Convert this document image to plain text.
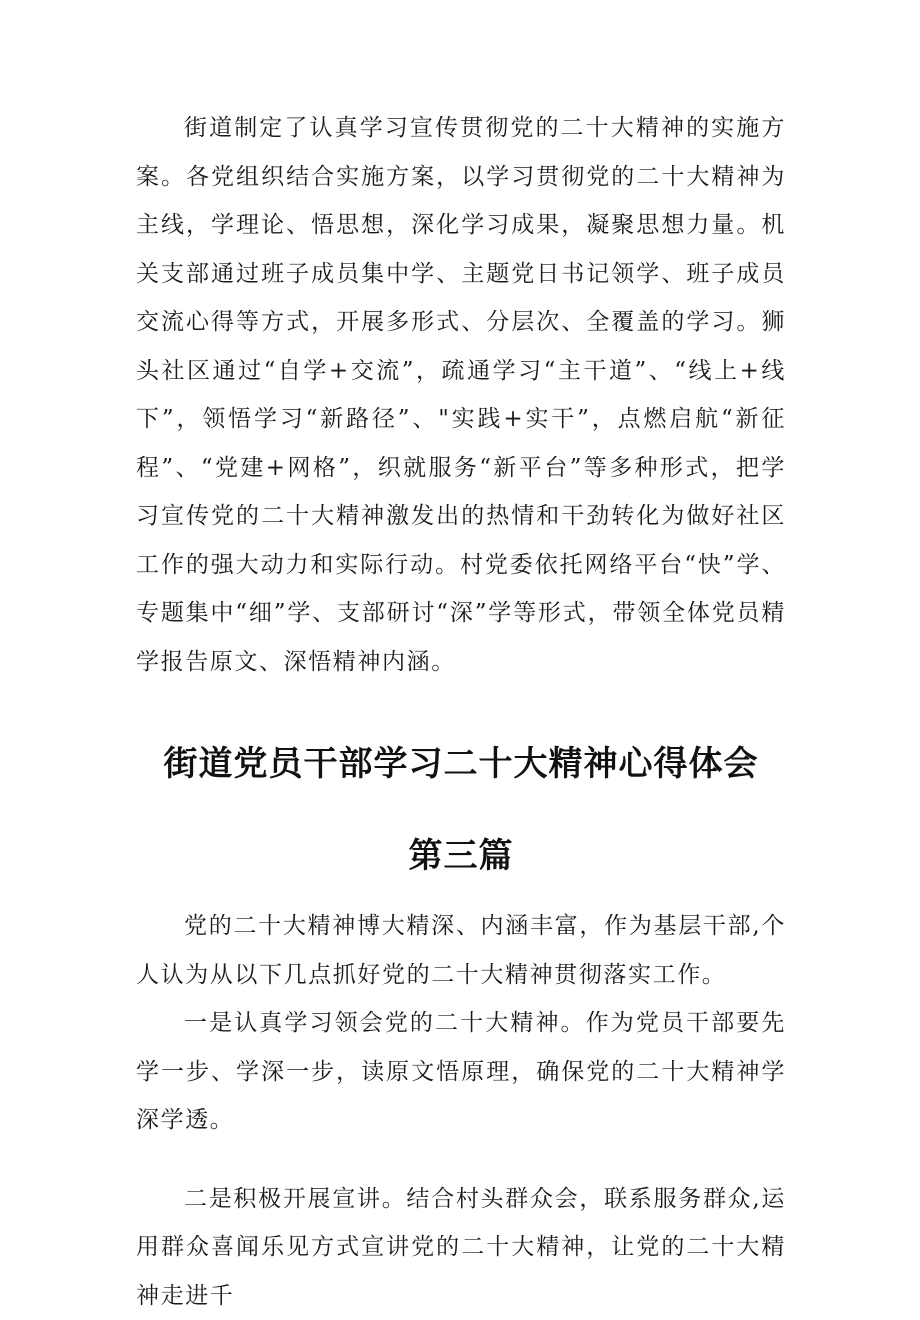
街道制定了认真学习宣传贯彻党的二十大精神的实施方案。各党组织结合实施方案，以学习贯彻党的二十大精神为主线，学理论、悟思想，深化学习成果，凝聚思想力量。机关支部通过班子成员集中学、主题党日书记领学、班子成员交流心得等方式，开展多形式、分层次、全覆盖的学习。狮头社区通过“自学+交流”，疏通学习“主干道”、“线上+线下”，领悟学习“新路径”、"实践+实干”，点燃启航“新征程”、“党建+网格”，织就服务“新平台”等多种形式，把学习宣传党的二十大精神激发出的热情和干劲转化为做好社区工作的强大动力和实际行动。村党委依托网络平台“快”学、专题集中“细”学、支部研讨“深”学等形式，带领全体党员精学报告原文、深悟精神内涵。

街道党员干部学习二十大精神心得体会
第三篇

党的二十大精神博大精深、内涵丰富，作为基层干部,个人认为从以下几点抓好党的二十大精神贯彻落实工作。

一是认真学习领会党的二十大精神。作为党员干部要先学一步、学深一步，读原文悟原理，确保党的二十大精神学深学透。

二是积极开展宣讲。结合村头群众会，联系服务群众,运用群众喜闻乐见方式宣讲党的二十大精神，让党的二十大精神走进千
